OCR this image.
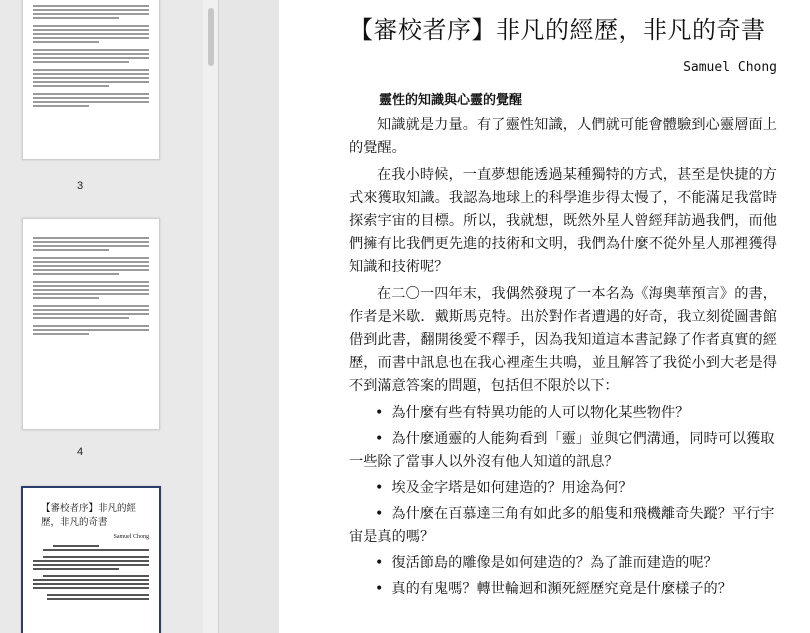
3
4
【審校者序】非凡的經歷，非凡的奇書
Samuel Chong
【審校者序】非凡的經歷，非凡的奇書
Samuel Chong
靈性的知識與心靈的覺醒

知識就是力量。有了靈性知識，人們就可能會體驗到心靈層面上的覺醒。

在我小時候，一直夢想能透過某種獨特的方式，甚至是快捷的方式來獲取知識。我認為地球上的科學進步得太慢了，不能滿足我當時探索宇宙的目標。所以，我就想，既然外星人曾經拜訪過我們，而他們擁有比我們更先進的技術和文明，我們為什麼不從外星人那裡獲得知識和技術呢？

在二〇一四年末，我偶然發現了一本名為《海奧華預言》的書，作者是米歇．戴斯馬克特。出於對作者遭遇的好奇，我立刻從圖書館借到此書，翻開後愛不釋手，因為我知道這本書記錄了作者真實的經歷，而書中訊息也在我心裡產生共鳴，並且解答了我從小到大老是得不到滿意答案的問題，包括但不限於以下：

• 為什麼有些有特異功能的人可以物化某些物件？
• 為什麼通靈的人能夠看到「靈」並與它們溝通，同時可以獲取一些除了當事人以外沒有他人知道的訊息？
• 埃及金字塔是如何建造的？用途為何？
• 為什麼在百慕達三角有如此多的船隻和飛機離奇失蹤？平行宇宙是真的嗎？
• 復活節島的雕像是如何建造的？為了誰而建造的呢？
• 真的有鬼嗎？轉世輪迴和瀕死經歷究竟是什麼樣子的？
